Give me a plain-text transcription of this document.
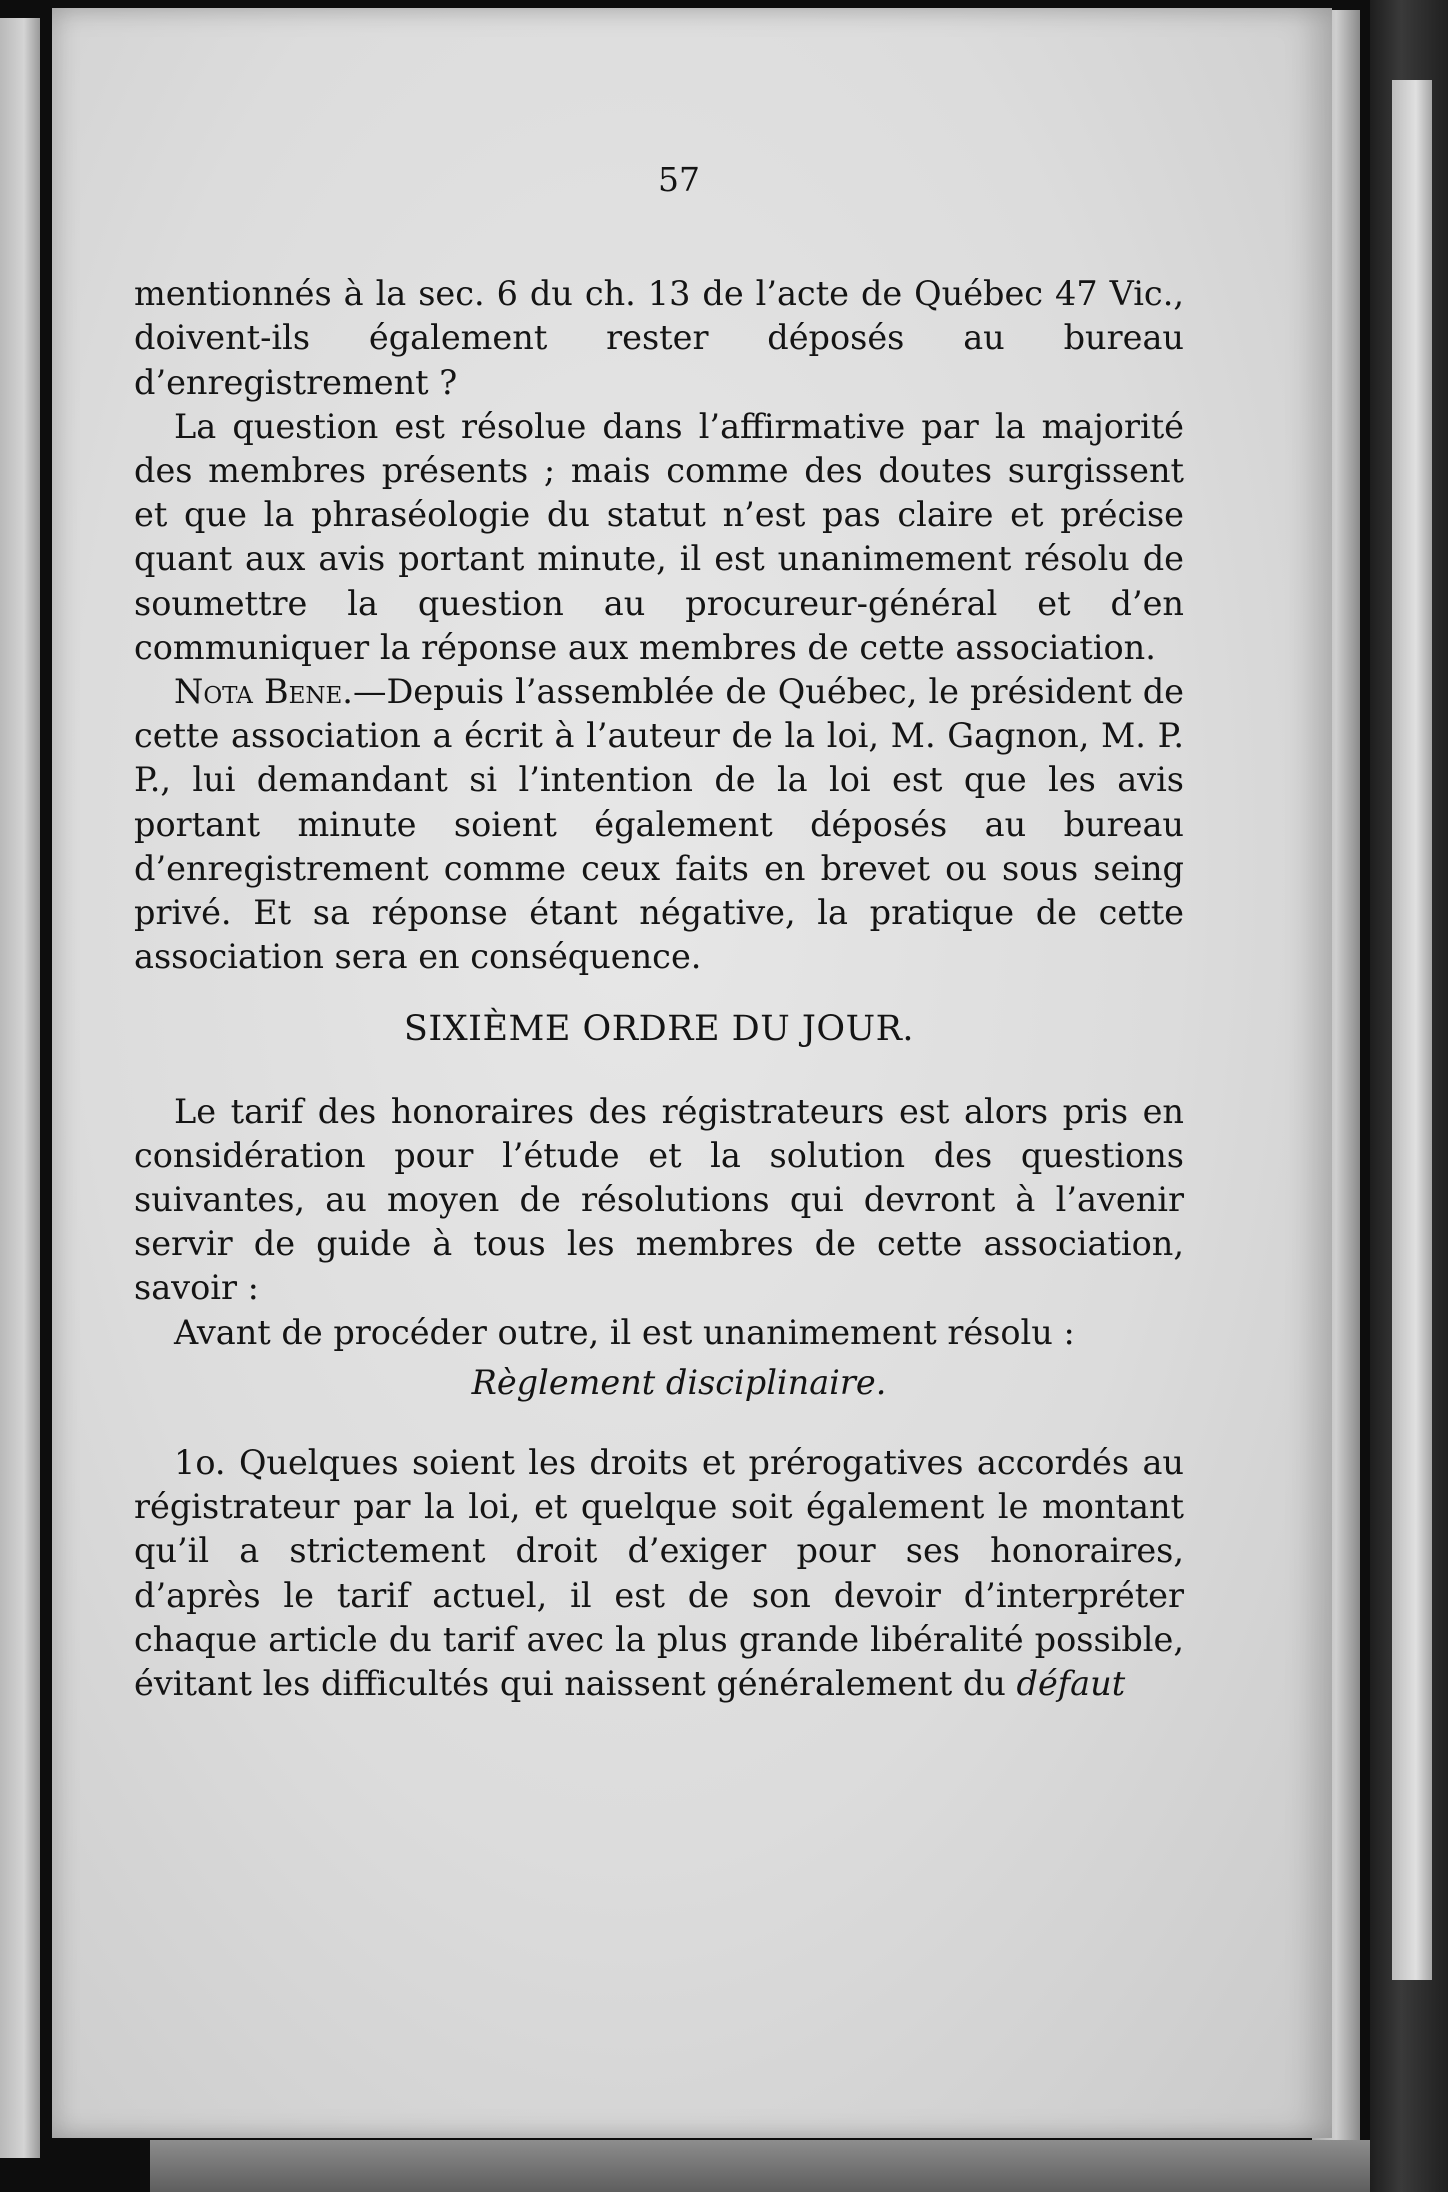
57

mentionnés à la sec. 6 du ch. 13 de l’acte de Québec 47 Vic., doivent-ils également rester déposés au bureau d’enregistrement ?

La question est résolue dans l’affirmative par la majorité des membres présents ; mais comme des doutes surgissent et que la phraséologie du statut n’est pas claire et précise quant aux avis portant minute, il est unanimement résolu de soumettre la question au procureur-général et d’en communiquer la réponse aux membres de cette association.

Nota Bene.—Depuis l’assemblée de Québec, le président de cette association a écrit à l’auteur de la loi, M. Gagnon, M. P. P., lui demandant si l’intention de la loi est que les avis portant minute soient également déposés au bureau d’enregistrement comme ceux faits en brevet ou sous seing privé. Et sa réponse étant négative, la pratique de cette association sera en conséquence.

SIXIÈME ORDRE DU JOUR.

Le tarif des honoraires des régistrateurs est alors pris en considération pour l’étude et la solution des questions suivantes, au moyen de résolutions qui devront à l’avenir servir de guide à tous les membres de cette association, savoir :

Avant de procéder outre, il est unanimement résolu :

Règlement disciplinaire.

1o. Quelques soient les droits et prérogatives accordés au régistrateur par la loi, et quelque soit également le montant qu’il a strictement droit d’exiger pour ses honoraires, d’après le tarif actuel, il est de son devoir d’interpréter chaque article du tarif avec la plus grande libéralité possible, évitant les difficultés qui naissent généralement du défaut
